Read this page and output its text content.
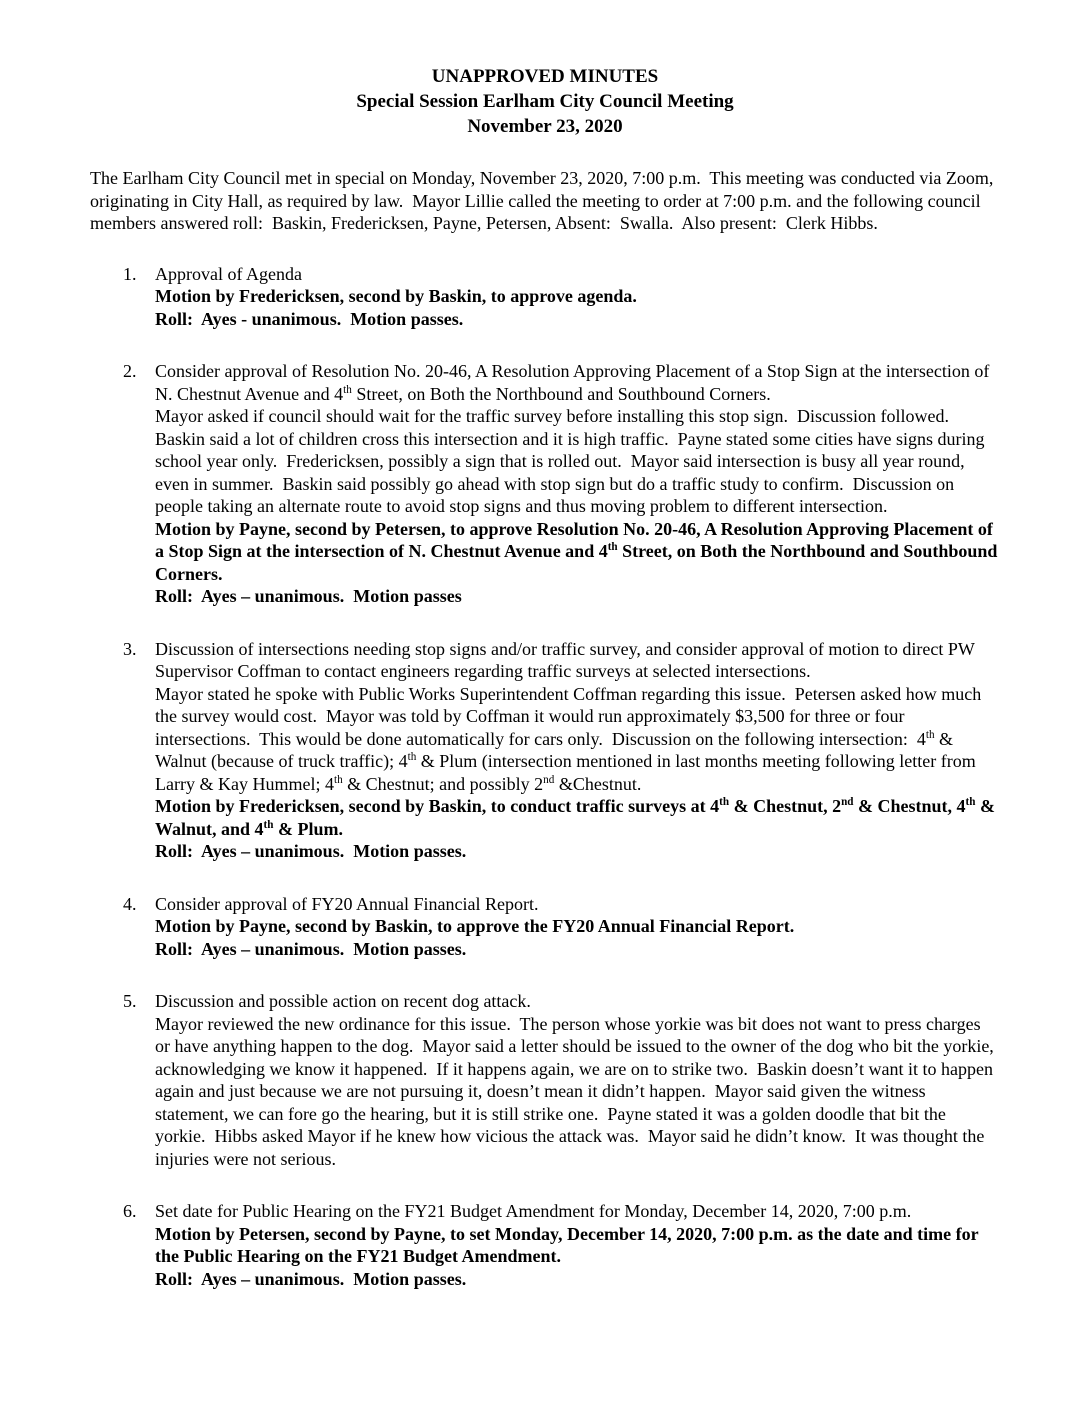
UNAPPROVED MINUTES
Special Session Earlham City Council Meeting
November 23, 2020

The Earlham City Council met in special on Monday, November 23, 2020, 7:00 p.m.  This meeting was conducted via Zoom, originating in City Hall, as required by law.  Mayor Lillie called the meeting to order at 7:00 p.m. and the following council members answered roll:  Baskin, Fredericksen, Payne, Petersen, Absent:  Swalla.  Also present:  Clerk Hibbs.

1.	Approval of Agenda
Motion by Fredericksen, second by Baskin, to approve agenda.
Roll:  Ayes - unanimous.  Motion passes.
2.	Consider approval of Resolution No. 20-46, A Resolution Approving Placement of a Stop Sign at the intersection of N. Chestnut Avenue and 4th Street, on Both the Northbound and Southbound Corners.
Mayor asked if council should wait for the traffic survey before installing this stop sign.  Discussion followed.  Baskin said a lot of children cross this intersection and it is high traffic.  Payne stated some cities have signs during school year only.  Fredericksen, possibly a sign that is rolled out.  Mayor said intersection is busy all year round, even in summer.  Baskin said possibly go ahead with stop sign but do a traffic study to confirm.  Discussion on people taking an alternate route to avoid stop signs and thus moving problem to different intersection.
Motion by Payne, second by Petersen, to approve Resolution No. 20-46, A Resolution Approving Placement of a Stop Sign at the intersection of N. Chestnut Avenue and 4th Street, on Both the Northbound and Southbound Corners.
Roll:  Ayes – unanimous.  Motion passes
3.	Discussion of intersections needing stop signs and/or traffic survey, and consider approval of motion to direct PW Supervisor Coffman to contact engineers regarding traffic surveys at selected intersections.
Mayor stated he spoke with Public Works Superintendent Coffman regarding this issue.  Petersen asked how much the survey would cost.  Mayor was told by Coffman it would run approximately $3,500 for three or four intersections.  This would be done automatically for cars only.  Discussion on the following intersection:  4th & Walnut (because of truck traffic); 4th & Plum (intersection mentioned in last months meeting following letter from Larry & Kay Hummel; 4th & Chestnut; and possibly 2nd &Chestnut.
Motion by Fredericksen, second by Baskin, to conduct traffic surveys at 4th & Chestnut, 2nd & Chestnut, 4th & Walnut, and 4th & Plum.
Roll:  Ayes – unanimous.  Motion passes.
4.	Consider approval of FY20 Annual Financial Report.
Motion by Payne, second by Baskin, to approve the FY20 Annual Financial Report.
Roll:  Ayes – unanimous.  Motion passes.
5.	Discussion and possible action on recent dog attack.
Mayor reviewed the new ordinance for this issue.  The person whose yorkie was bit does not want to press charges or have anything happen to the dog.  Mayor said a letter should be issued to the owner of the dog who bit the yorkie, acknowledging we know it happened.  If it happens again, we are on to strike two.  Baskin doesn’t want it to happen again and just because we are not pursuing it, doesn’t mean it didn’t happen.  Mayor said given the witness statement, we can fore go the hearing, but it is still strike one.  Payne stated it was a golden doodle that bit the yorkie.  Hibbs asked Mayor if he knew how vicious the attack was.  Mayor said he didn’t know.  It was thought the injuries were not serious.
6.	Set date for Public Hearing on the FY21 Budget Amendment for Monday, December 14, 2020, 7:00 p.m.
Motion by Petersen, second by Payne, to set Monday, December 14, 2020, 7:00 p.m. as the date and time for the Public Hearing on the FY21 Budget Amendment.
Roll:  Ayes – unanimous.  Motion passes.
